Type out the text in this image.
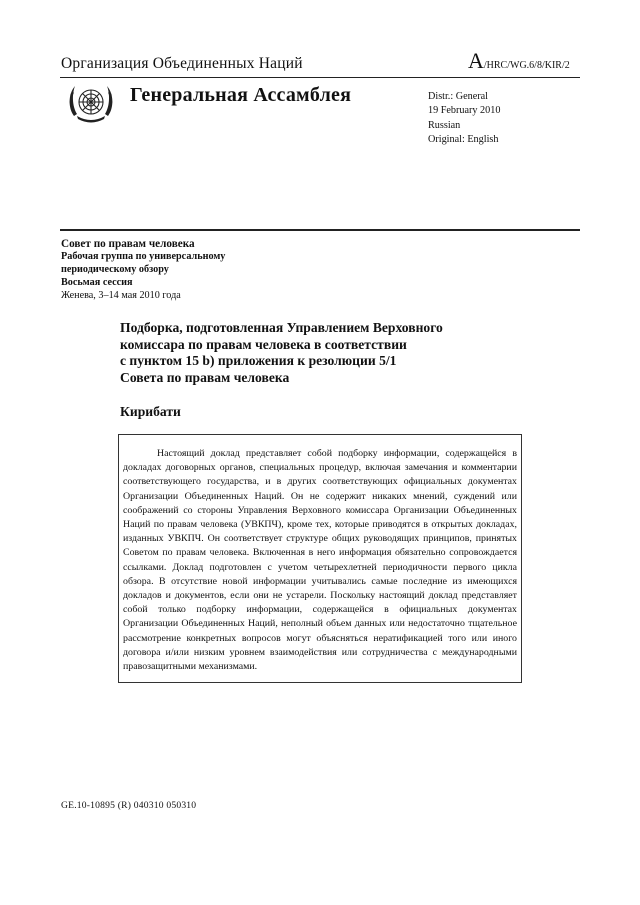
Организация Объединенных Наций	A/HRC/WG.6/8/KIR/2
Генеральная Ассамблея	Distr.: General
19 February 2010
Russian
Original: English
Совет по правам человека
Рабочая группа по универсальному
периодическому обзору
Восьмая сессия
Женева, 3–14 мая 2010 года
Подборка, подготовленная Управлением Верховного
комиссара по правам человека в соответствии
с пунктом 15 b) приложения к резолюции 5/1
Совета по правам человека
Кирибати

Настоящий доклад представляет собой подборку информации, содержащейся в докладах договорных органов, специальных процедур, включая замечания и комментарии соответствующего государства, и в других соответствующих официальных документах Организации Объединенных Наций. Он не содержит никаких мнений, суждений или соображений со стороны Управления Верховного комиссара Организации Объединенных Наций по правам человека (УВКПЧ), кроме тех, которые приводятся в открытых докладах, изданных УВКПЧ. Он соответствует структуре общих руководящих принципов, принятых Советом по правам человека. Включенная в него информация обязательно сопровождается ссылками. Доклад подготовлен с учетом четырехлетней периодичности первого цикла обзора. В отсутствие новой информации учитывались самые последние из имеющихся докладов и документов, если они не устарели. Поскольку настоящий доклад представляет собой только подборку информации, содержащейся в официальных документах Организации Объединенных Наций, неполный объем данных или недостаточно тщательное рассмотрение конкретных вопросов могут объясняться нератификацией того или иного договора и/или низким уровнем взаимодействия или сотрудничества с международными правозащитными механизмами.

GE.10-10895 (R) 040310 050310
